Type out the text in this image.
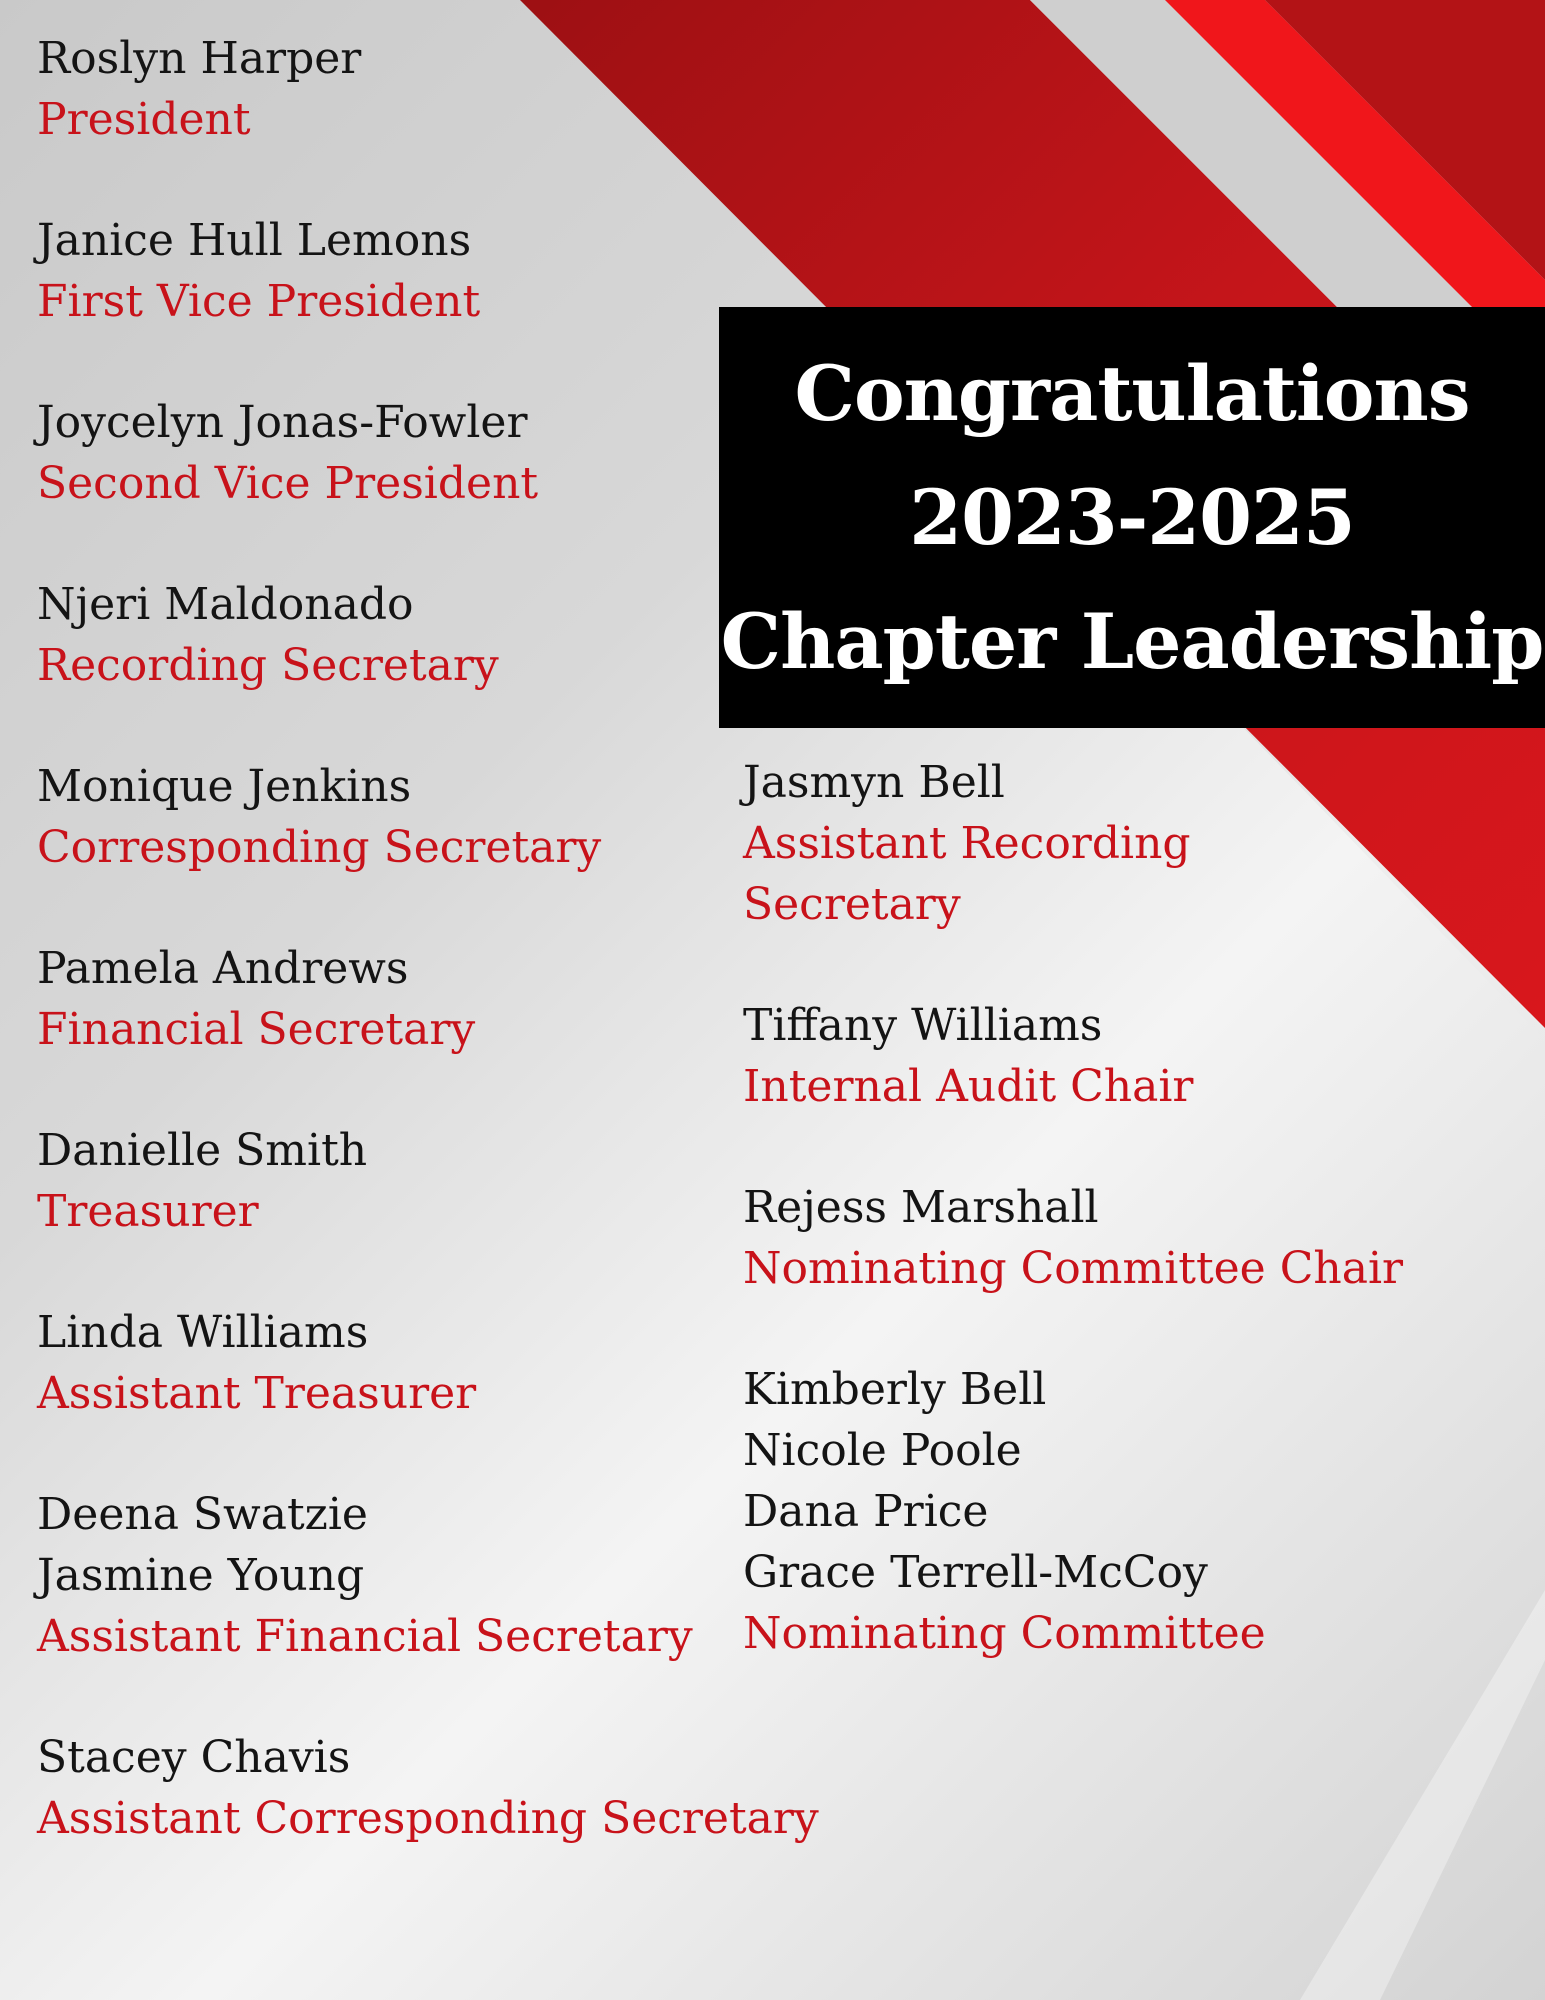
Congratulations
2023-2025
Chapter Leadership
Roslyn Harper
President
Janice Hull Lemons
First Vice President
Joycelyn Jonas-Fowler
Second Vice President
Njeri Maldonado
Recording Secretary
Monique Jenkins
Corresponding Secretary
Pamela Andrews
Financial Secretary
Danielle Smith
Treasurer
Linda Williams
Assistant Treasurer
Deena Swatzie
Jasmine Young
Assistant Financial Secretary
Stacey Chavis
Assistant Corresponding Secretary
Jasmyn Bell
Assistant Recording
Secretary
Tiffany Williams
Internal Audit Chair
Rejess Marshall
Nominating Committee Chair
Kimberly Bell
Nicole Poole
Dana Price
Grace Terrell-McCoy
Nominating Committee
